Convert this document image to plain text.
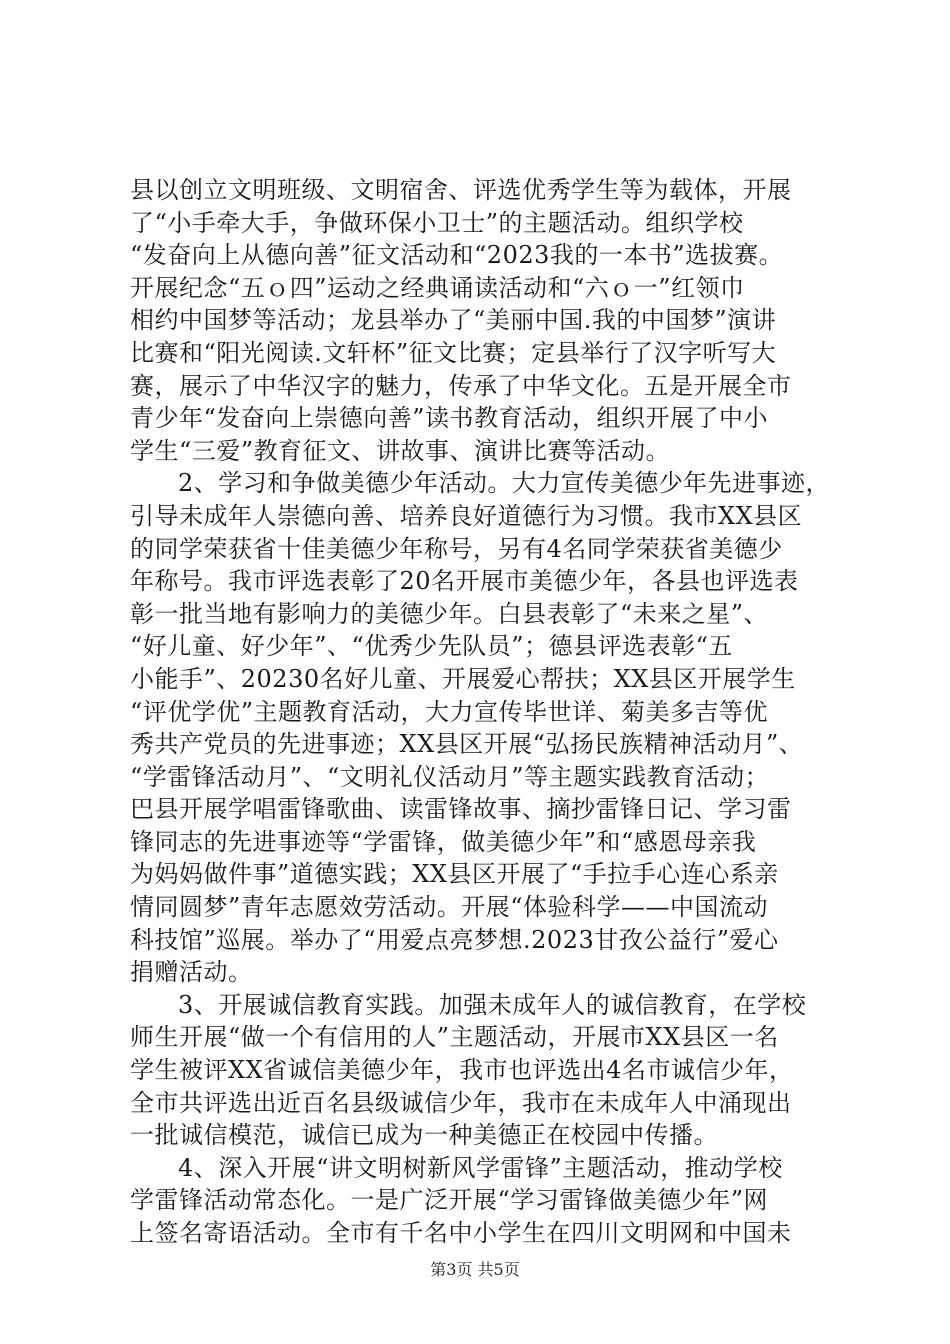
县以创立文明班级、文明宿舍、评选优秀学生等为载体，开展
了“小手牵大手，争做环保小卫士”的主题活动。组织学校
“发奋向上从德向善”征文活动和“2023我的一本书”选拔赛。
开展纪念“五ｏ四”运动之经典诵读活动和“六ｏ一”红领巾
相约中国梦等活动；龙县举办了“美丽中国.我的中国梦”演讲
比赛和“阳光阅读.文轩杯”征文比赛；定县举行了汉字听写大
赛，展示了中华汉字的魅力，传承了中华文化。五是开展全市
青少年“发奋向上崇德向善”读书教育活动，组织开展了中小
学生“三爱”教育征文、讲故事、演讲比赛等活动。
2、学习和争做美德少年活动。大力宣传美德少年先进事迹，
引导未成年人崇德向善、培养良好道德行为习惯。我市XX县区
的同学荣获省十佳美德少年称号，另有4名同学荣获省美德少
年称号。我市评选表彰了20名开展市美德少年，各县也评选表
彰一批当地有影响力的美德少年。白县表彰了“未来之星”、
“好儿童、好少年”、“优秀少先队员”；德县评选表彰“五
小能手”、20230名好儿童、开展爱心帮扶；XX县区开展学生
“评优学优”主题教育活动，大力宣传毕世详、菊美多吉等优
秀共产党员的先进事迹；XX县区开展“弘扬民族精神活动月”、
“学雷锋活动月”、“文明礼仪活动月”等主题实践教育活动；
巴县开展学唱雷锋歌曲、读雷锋故事、摘抄雷锋日记、学习雷
锋同志的先进事迹等“学雷锋，做美德少年”和“感恩母亲我
为妈妈做件事”道德实践；XX县区开展了“手拉手心连心系亲
情同圆梦”青年志愿效劳活动。开展“体验科学——中国流动
科技馆”巡展。举办了“用爱点亮梦想.2023甘孜公益行”爱心
捐赠活动。
3、开展诚信教育实践。加强未成年人的诚信教育，在学校
师生开展“做一个有信用的人”主题活动，开展市XX县区一名
学生被评XX省诚信美德少年，我市也评选出4名市诚信少年，
全市共评选出近百名县级诚信少年，我市在未成年人中涌现出
一批诚信模范，诚信已成为一种美德正在校园中传播。
4、深入开展“讲文明树新风学雷锋”主题活动，推动学校
学雷锋活动常态化。一是广泛开展“学习雷锋做美德少年”网
上签名寄语活动。全市有千名中小学生在四川文明网和中国未
第3页 共5页
